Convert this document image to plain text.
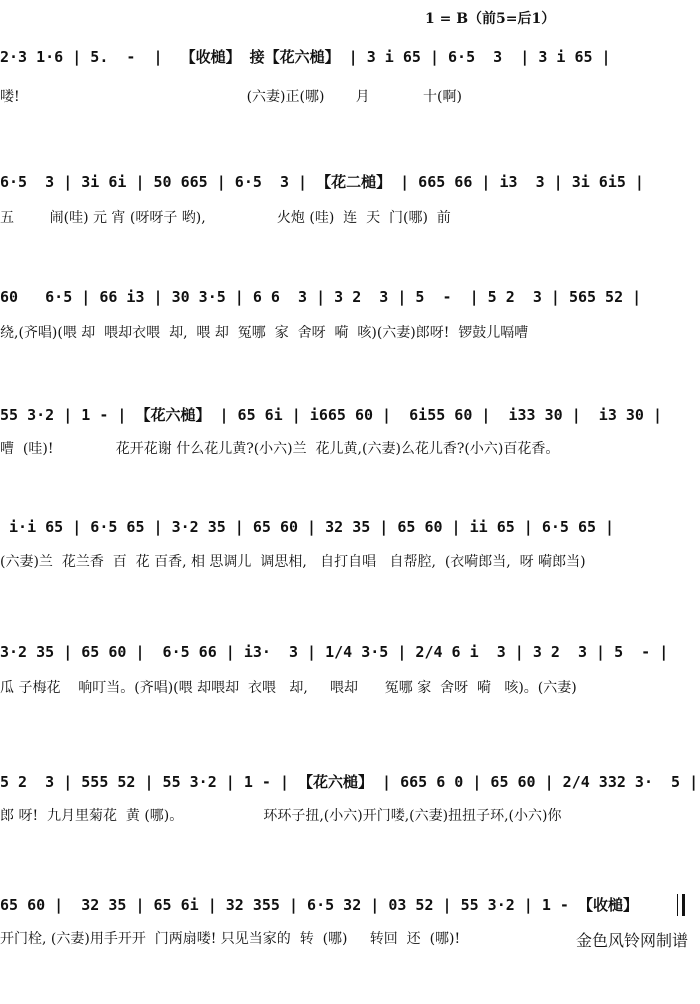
1 = B（前5=后1）
2·3 1·6 | 5.  -  |  【收槌】 接【花六槌】 | 3 i 65 | 6·5  3  | 3 i 65 |
喽!                                                   (六妻)正(哪)       月            十(啊)
6·5  3 | 3i 6i | 50 665 | 6·5  3 | 【花二槌】 | 665 66 | i3  3 | 3i 6i5 |
五        闹(哇) 元 宵 (呀呀子 哟),                火炮 (哇)  连  天  门(哪)  前
60   6·5 | 66 i3 | 30 3·5 | 6 6  3 | 3 2  3 | 5  -  | 5 2  3 | 565 52 |
绕,(齐唱)(喂 却  喂却衣喂  却,  喂 却  冤哪  家  舍呀  嗬  咳)(六妻)郎呀!  锣鼓儿嗝嘈
55 3·2 | 1 - | 【花六槌】 | 65 6i | i665 60 |  6i55 60 |  i33 30 |  i3 30 |
嘈  (哇)!              花开花谢 什么花儿黄?(小六)兰  花儿黄,(六妻)么花儿香?(小六)百花香。
i·i 65 | 6·5 65 | 3·2 35 | 65 60 | 32 35 | 65 60 | ii 65 | 6·5 65 |
(六妻)兰  花兰香  百  花 百香, 相 思调儿  调思相,   自打自唱   自帮腔,  (衣嗬郎当,  呀 嗬郎当)
3·2 35 | 65 60 |  6·5 66 | i3·  3 | 1/4 3·5 | 2/4 6 i  3 | 3 2  3 | 5  - |
瓜 子梅花    响叮当。(齐唱)(喂 却喂却  衣喂   却,     喂却      冤哪 家  舍呀  嗬   咳)。(六妻)
5 2  3 | 555 52 | 55 3·2 | 1 - | 【花六槌】 | 665 6 0 | 65 60 | 2/4 332 3·  5 |
郎 呀!  九月里菊花  黄 (哪)。                  环环子扭,(小六)开门喽,(六妻)扭扭子环,(小六)你
65 60 |  32 35 | 65 6i | 32 355 | 6·5 32 | 03 52 | 55 3·2 | 1 - 【收槌】
开门栓, (六妻)用手开开  门两扇喽! 只见当家的  转  (哪)     转回  还  (哪)!	金色风铃网制谱
